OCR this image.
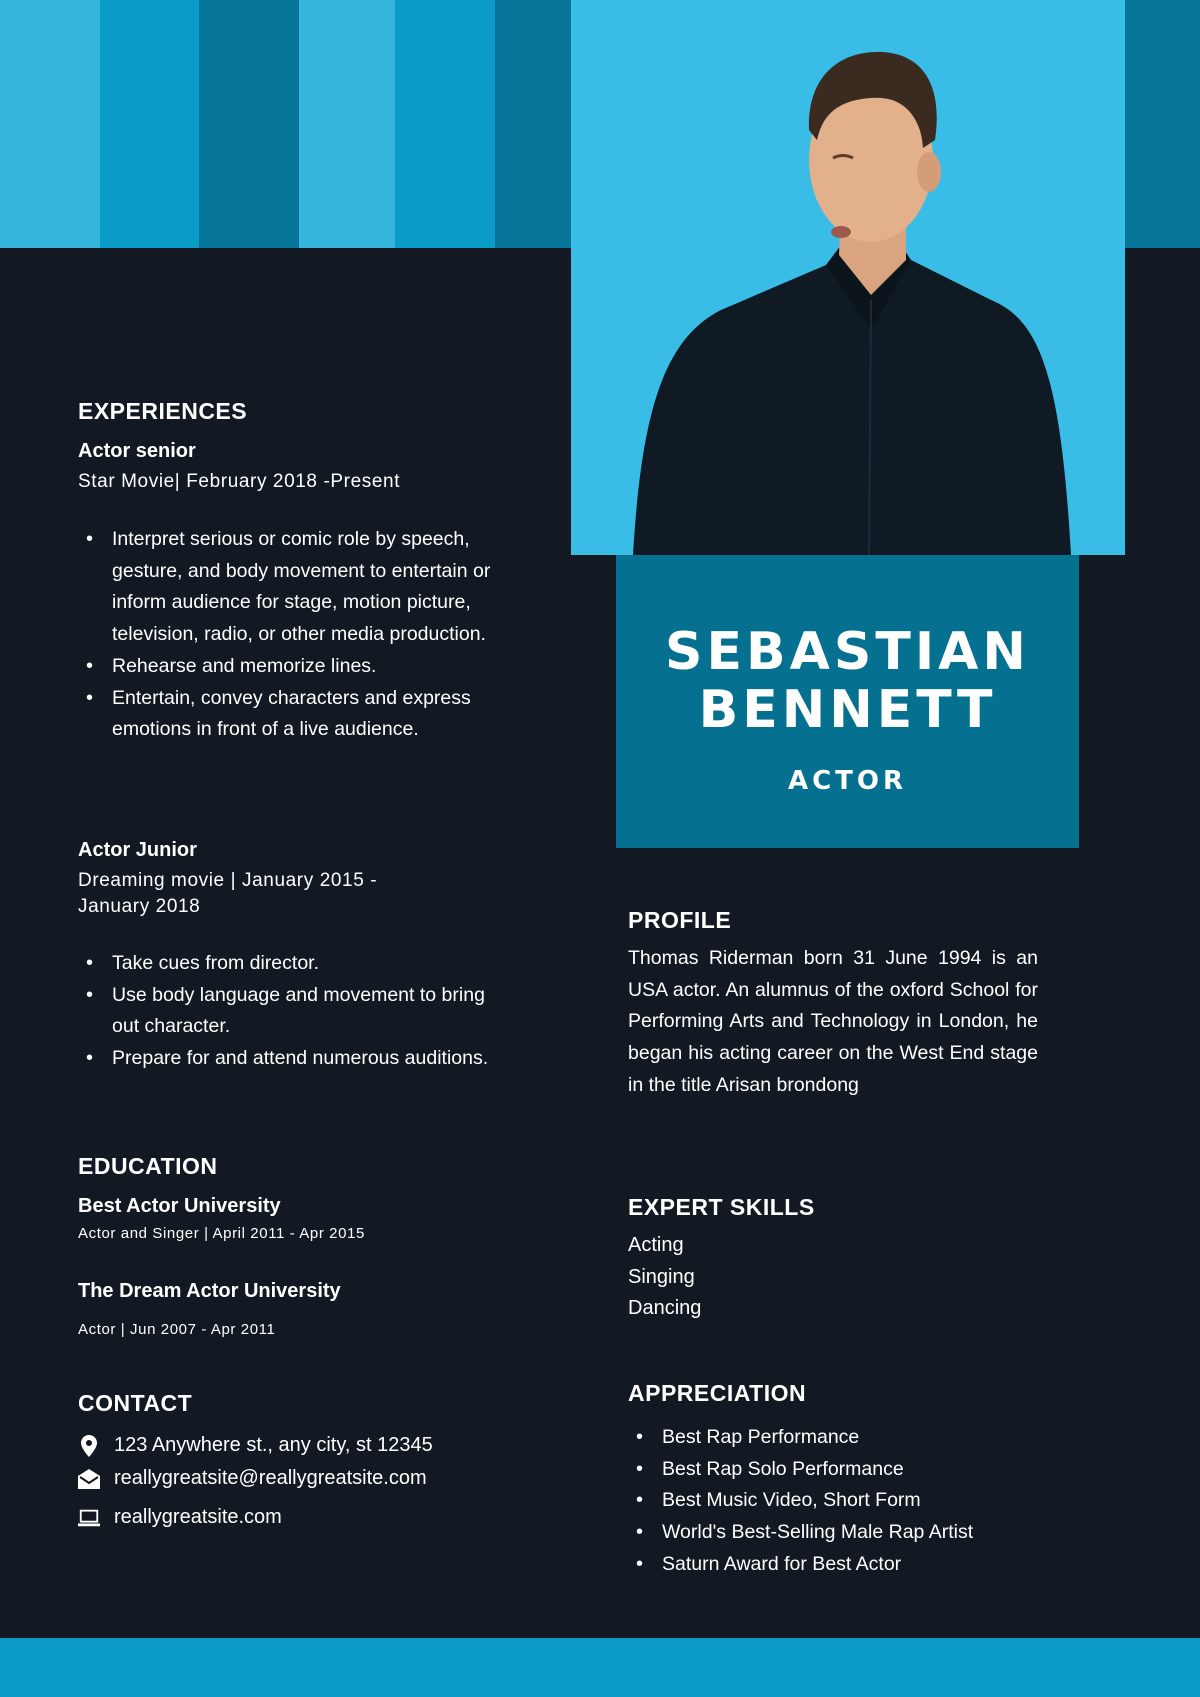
SEBASTIAN
BENNETT
ACTOR
EXPERIENCES
Actor senior
Star Movie| February 2018 -Present
• Interpret serious or comic role by speech, gesture, and body movement to entertain or inform audience for stage, motion picture, television, radio, or other media production.
• Rehearse and memorize lines.
• Entertain, convey characters and express emotions in front of a live audience.
Actor Junior
Dreaming movie | January 2015 - January 2018
• Take cues from director.
• Use body language and movement to bring out character.
• Prepare for and attend numerous auditions.
EDUCATION
Best Actor University
Actor and Singer | April 2011 - Apr 2015
The Dream Actor University
Actor | Jun 2007 - Apr 2011
CONTACT
123 Anywhere st., any city, st 12345
reallygreatsite@reallygreatsite.com
reallygreatsite.com
PROFILE
Thomas Riderman born 31 June 1994 is an USA actor. An alumnus of the oxford School for Performing Arts and Technology in London, he began his acting career on the West End stage in the title Arisan brondong
EXPERT SKILLS
Acting
Singing
Dancing
APPRECIATION
• Best Rap Performance
• Best Rap Solo Performance
• Best Music Video, Short Form
• World's Best-Selling Male Rap Artist
• Saturn Award for Best Actor
